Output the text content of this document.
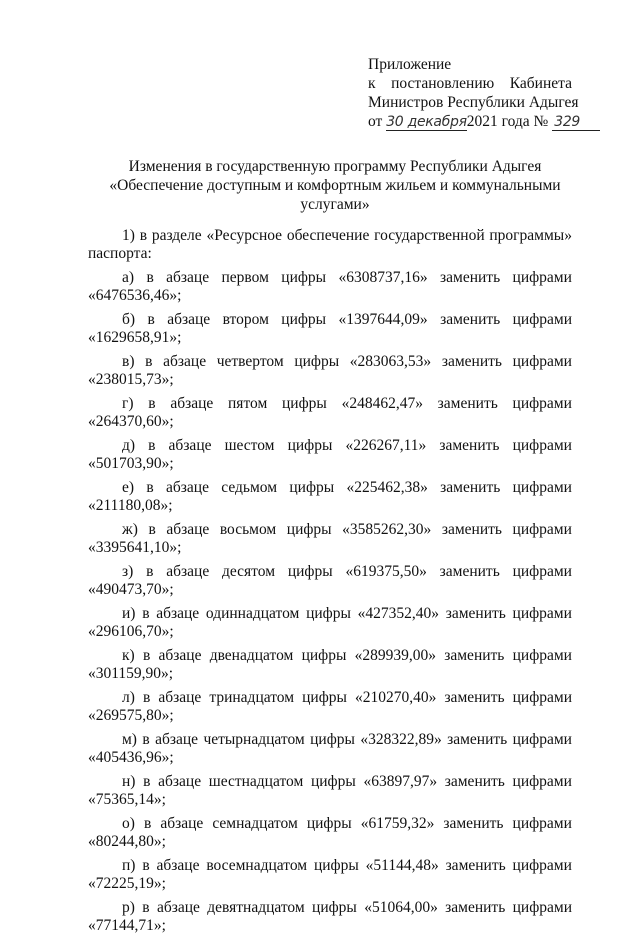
Приложение
к постановлению Кабинета
Министров Республики Адыгея
от 30 декабря2021 года № 329
Изменения в государственную программу Республики Адыгея
«Обеспечение доступным и комфортным жильем и коммунальными
услугами»
1) в разделе «Ресурсное обеспечение государственной программы»
паспорта:
а) в абзаце первом цифры «6308737,16» заменить цифрами
«6476536,46»;
б) в абзаце втором цифры «1397644,09» заменить цифрами
«1629658,91»;
в) в абзаце четвертом цифры «283063,53» заменить цифрами
«238015,73»;
г) в абзаце пятом цифры «248462,47» заменить цифрами
«264370,60»;
д) в абзаце шестом цифры «226267,11» заменить цифрами
«501703,90»;
е) в абзаце седьмом цифры «225462,38» заменить цифрами
«211180,08»;
ж) в абзаце восьмом цифры «3585262,30» заменить цифрами
«3395641,10»;
з) в абзаце десятом цифры «619375,50» заменить цифрами
«490473,70»;
и) в абзаце одиннадцатом цифры «427352,40» заменить цифрами
«296106,70»;
к) в абзаце двенадцатом цифры «289939,00» заменить цифрами
«301159,90»;
л) в абзаце тринадцатом цифры «210270,40» заменить цифрами
«269575,80»;
м) в абзаце четырнадцатом цифры «328322,89» заменить цифрами
«405436,96»;
н) в абзаце шестнадцатом цифры «63897,97» заменить цифрами
«75365,14»;
о) в абзаце семнадцатом цифры «61759,32» заменить цифрами
«80244,80»;
п) в абзаце восемнадцатом цифры «51144,48» заменить цифрами
«72225,19»;
р) в абзаце девятнадцатом цифры «51064,00» заменить цифрами
«77144,71»;
